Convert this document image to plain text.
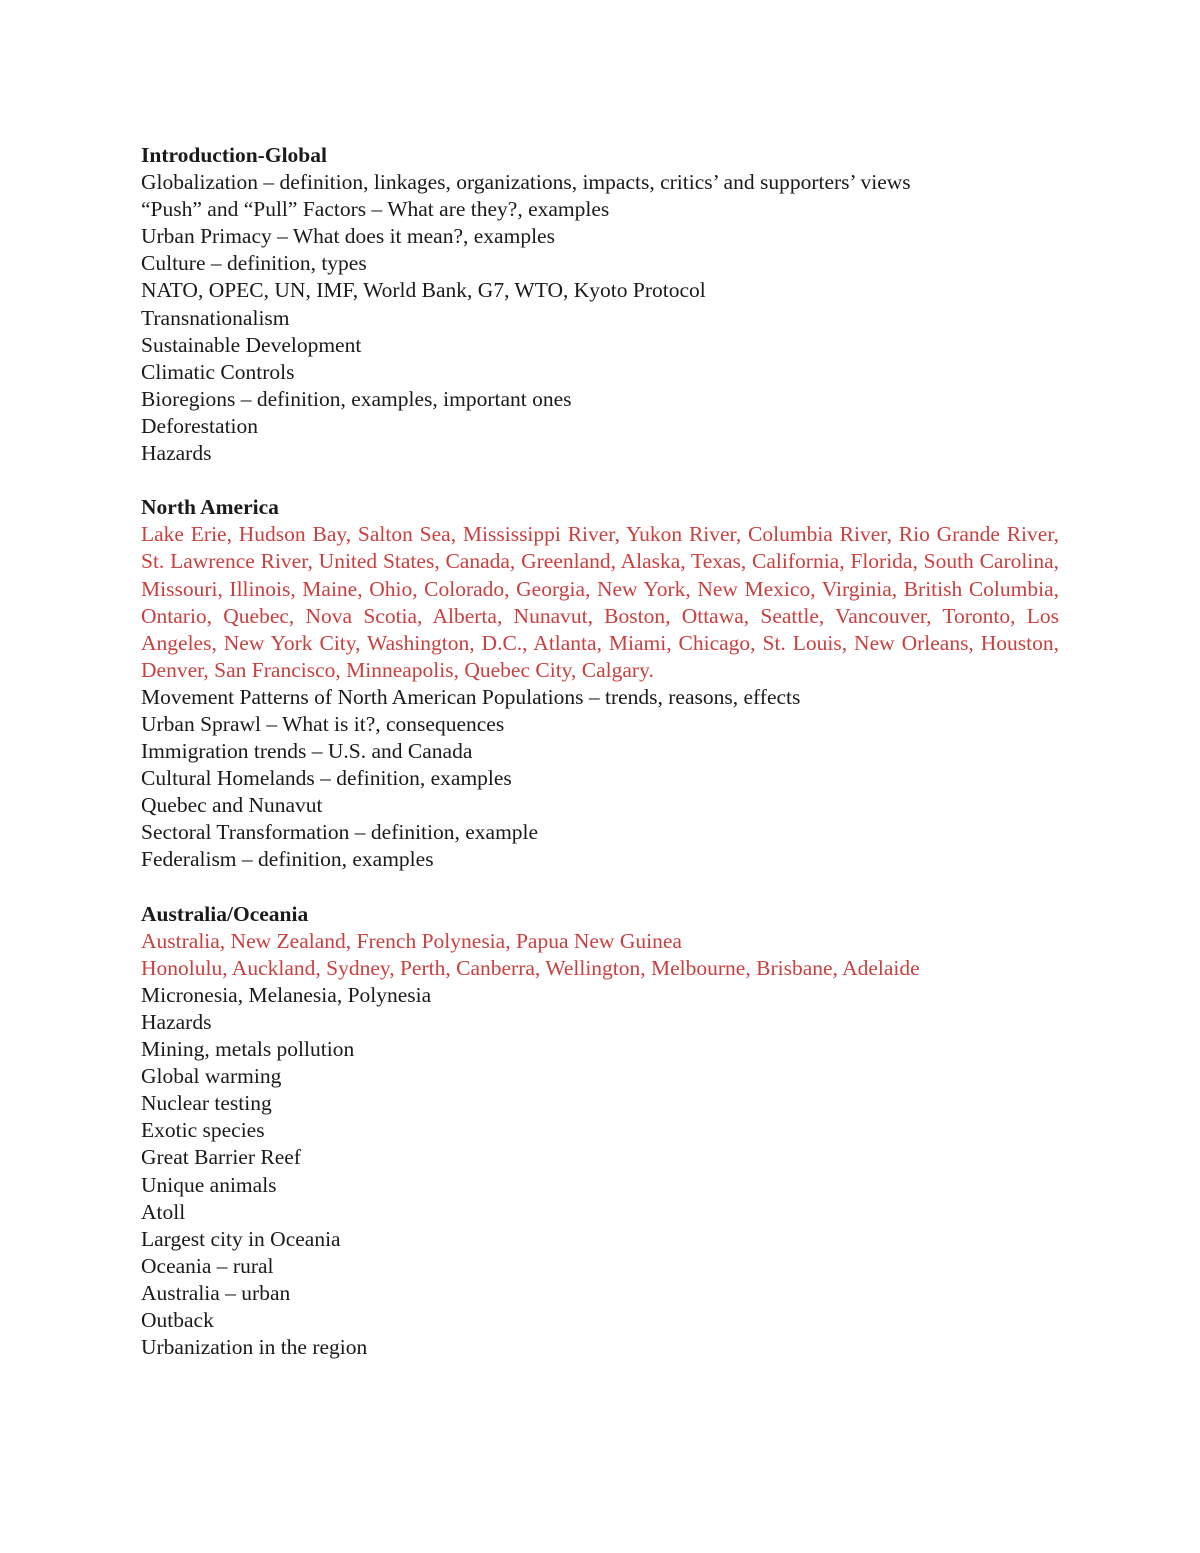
Introduction-Global

Globalization – definition, linkages, organizations, impacts, critics’ and supporters’ views

“Push” and “Pull” Factors – What are they?, examples

Urban Primacy – What does it mean?, examples

Culture – definition, types

NATO, OPEC, UN, IMF, World Bank, G7, WTO, Kyoto Protocol

Transnationalism

Sustainable Development

Climatic Controls

Bioregions – definition, examples, important ones

Deforestation

Hazards

North America

Lake Erie, Hudson Bay, Salton Sea, Mississippi River, Yukon River, Columbia River, Rio Grande River, St. Lawrence River, United States, Canada, Greenland, Alaska, Texas, California, Florida, South Carolina, Missouri, Illinois, Maine, Ohio, Colorado, Georgia, New York, New Mexico, Virginia, British Columbia, Ontario, Quebec, Nova Scotia, Alberta, Nunavut, Boston, Ottawa, Seattle, Vancouver, Toronto, Los Angeles, New York City, Washington, D.C., Atlanta, Miami, Chicago, St. Louis, New Orleans, Houston, Denver, San Francisco, Minneapolis, Quebec City, Calgary.

Movement Patterns of North American Populations – trends, reasons, effects

Urban Sprawl – What is it?, consequences

Immigration trends – U.S. and Canada

Cultural Homelands – definition, examples

Quebec and Nunavut

Sectoral Transformation – definition, example

Federalism – definition, examples

Australia/Oceania

Australia, New Zealand, French Polynesia, Papua New Guinea

Honolulu, Auckland, Sydney, Perth, Canberra, Wellington, Melbourne, Brisbane, Adelaide

Micronesia, Melanesia, Polynesia

Hazards

Mining, metals pollution

Global warming

Nuclear testing

Exotic species

Great Barrier Reef

Unique animals

Atoll

Largest city in Oceania

Oceania – rural

Australia – urban

Outback

Urbanization in the region
